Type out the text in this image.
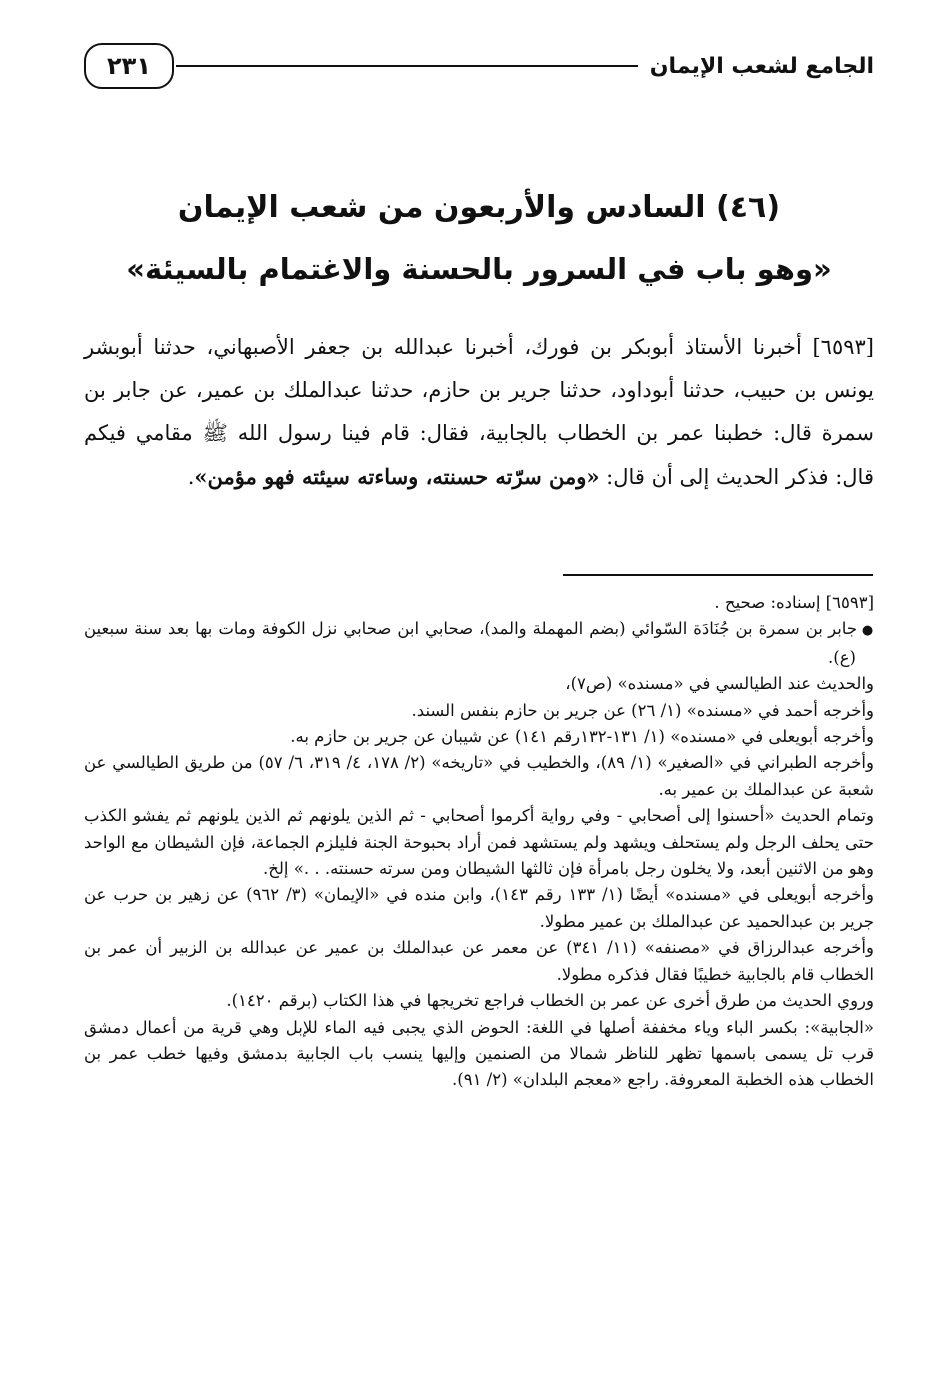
الجامع لشعب الإيمان
٢٣١
(٤٦) السادس والأربعون من شعب الإيمان
«وهو باب في السرور بالحسنة والاغتمام بالسيئة»
[٦٥٩٣] أخبرنا الأستاذ أبوبكر بن فورك، أخبرنا عبدالله بن جعفر الأصبهاني، حدثنا أبوبشر يونس بن حبيب، حدثنا أبوداود، حدثنا جرير بن حازم، حدثنا عبدالملك بن عمير، عن جابر بن سمرة قال: خطبنا عمر بن الخطاب بالجابية، فقال: قام فينا رسول الله ﷺ مقامي فيكم قال: فذكر الحديث إلى أن قال: «ومن سرّته حسنته، وساءته سيئته فهو مؤمن».

[٦٥٩٣] إسناده: صحيح .

● جابر بن سمرة بن جُنَادَة السّوائي (بضم المهملة والمد)، صحابي ابن صحابي نزل الكوفة ومات بها بعد سنة سبعين (ع).

والحديث عند الطيالسي في «مسنده» (ص٧)،

وأخرجه أحمد في «مسنده» (١/ ٢٦) عن جرير بن حازم بنفس السند.

وأخرجه أبويعلى في «مسنده» (١/ ١٣١-١٣٢رقم ١٤١) عن شيبان عن جرير بن حازم به.

وأخرجه الطبراني في «الصغير» (١/ ٨٩)، والخطيب في «تاريخه» (٢/ ١٧٨، ٤/ ٣١٩، ٦/ ٥٧) من طريق الطيالسي عن شعبة عن عبدالملك بن عمير به.

وتمام الحديث «أحسنوا إلى أصحابي - وفي رواية أكرموا أصحابي - ثم الذين يلونهم ثم الذين يلونهم ثم يفشو الكذب حتى يحلف الرجل ولم يستحلف ويشهد ولم يستشهد فمن أراد بحبوحة الجنة فليلزم الجماعة، فإن الشيطان مع الواحد وهو من الاثنين أبعد، ولا يخلون رجل بامرأة فإن ثالثها الشيطان ومن سرته حسنته. . .» إلخ.

وأخرجه أبويعلى في «مسنده» أيضًا (١/ ١٣٣ رقم ١٤٣)، وابن منده في «الإيمان» (٣/ ٩٦٢) عن زهير بن حرب عن جرير بن عبدالحميد عن عبدالملك بن عمير مطولا.

وأخرجه عبدالرزاق في «مصنفه» (١١/ ٣٤١) عن معمر عن عبدالملك بن عمير عن عبدالله بن الزبير أن عمر بن الخطاب قام بالجابية خطيبًا فقال فذكره مطولا.

وروي الحديث من طرق أخرى عن عمر بن الخطاب فراجع تخريجها في هذا الكتاب (برقم ١٤٢٠).

«الجابية»: بكسر الباء وياء مخففة أصلها في اللغة: الحوض الذي يجبى فيه الماء للإبل وهي قرية من أعمال دمشق قرب تل يسمى باسمها تظهر للناظر شمالا من الصنمين وإليها ينسب باب الجابية بدمشق وفيها خطب عمر بن الخطاب هذه الخطبة المعروفة. راجع «معجم البلدان» (٢/ ٩١).
